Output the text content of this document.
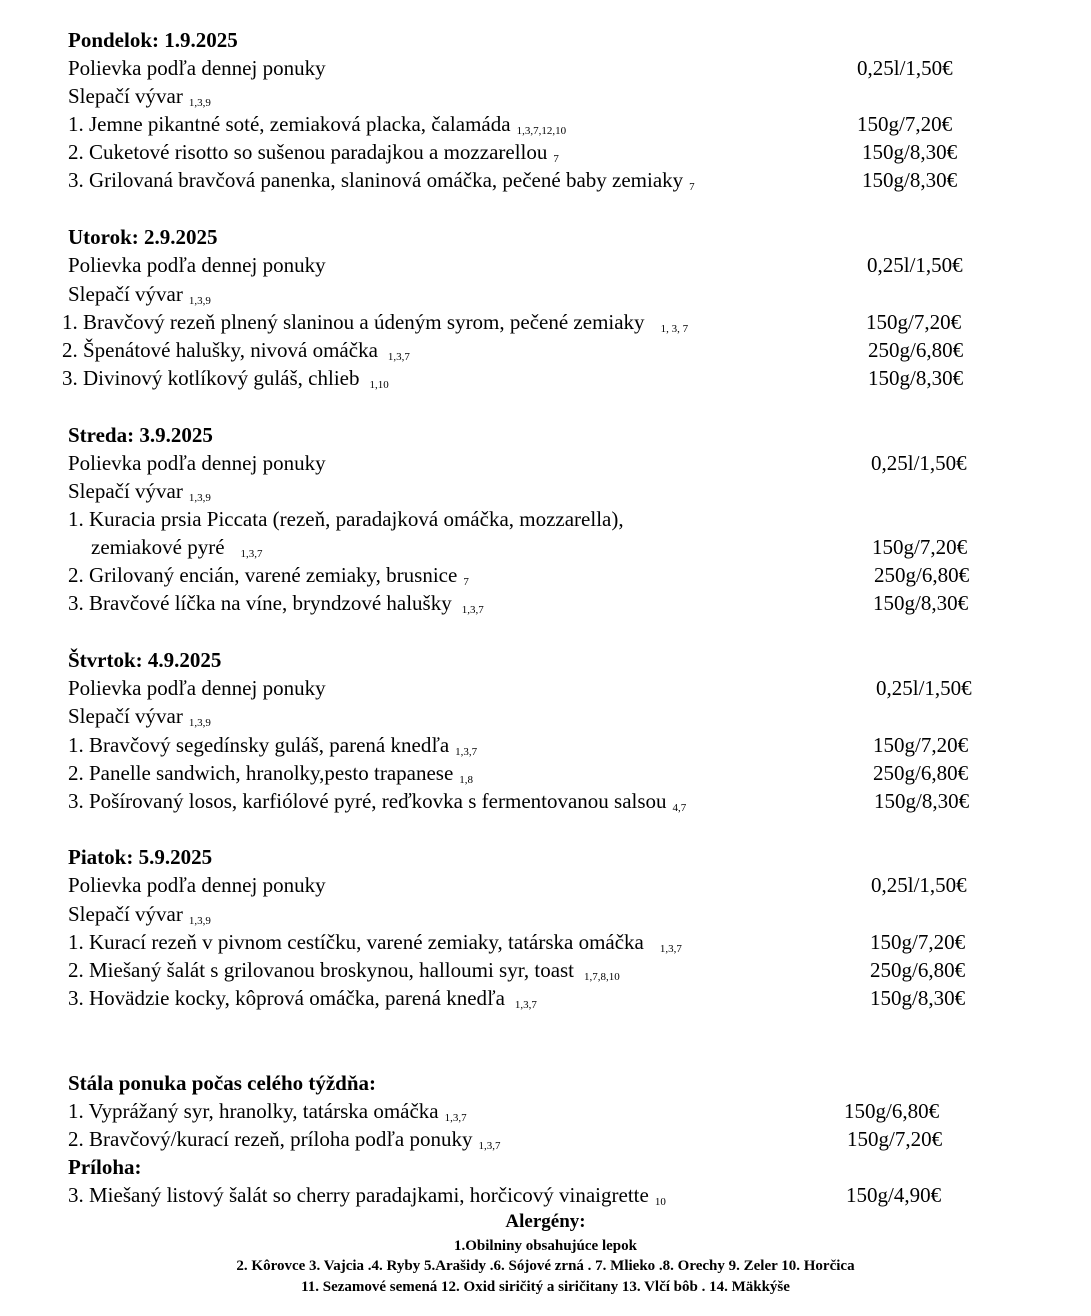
Pondelok: 1.9.2025
Polievka podľa dennej ponuky	0,25l/1,50€
Slepačí vývar 1,3,9
1. Jemne pikantné soté, zemiaková placka, čalamáda 1,3,7,12,10	150g/7,20€
2. Cuketové risotto so sušenou paradajkou a mozzarellou 7	150g/8,30€
3. Grilovaná bravčová panenka, slaninová omáčka, pečené baby zemiaky 7	150g/8,30€
Utorok: 2.9.2025
Polievka podľa dennej ponuky	0,25l/1,50€
Slepačí vývar 1,3,9
1. Bravčový rezeň plnený slaninou a údeným syrom, pečené zemiaky 1, 3, 7	150g/7,20€
2. Špenátové halušky, nivová omáčka 1,3,7	250g/6,80€
3. Divinový kotlíkový guláš, chlieb 1,10	150g/8,30€
Streda: 3.9.2025
Polievka podľa dennej ponuky	0,25l/1,50€
Slepačí vývar 1,3,9
1. Kuracia prsia Piccata (rezeň, paradajková omáčka, mozzarella),
zemiakové pyré 1,3,7	150g/7,20€
2. Grilovaný encián, varené zemiaky, brusnice 7	250g/6,80€
3. Bravčové líčka na víne, bryndzové halušky 1,3,7	150g/8,30€
Štvrtok: 4.9.2025
Polievka podľa dennej ponuky	0,25l/1,50€
Slepačí vývar 1,3,9
1. Bravčový segedínsky guláš, parená knedľa 1,3,7	150g/7,20€
2. Panelle sandwich, hranolky,pesto trapanese 1,8	250g/6,80€
3. Pošírovaný losos, karfiólové pyré, reďkovka s fermentovanou salsou 4,7	150g/8,30€
Piatok: 5.9.2025
Polievka podľa dennej ponuky	0,25l/1,50€
Slepačí vývar 1,3,9
1. Kurací rezeň v pivnom cestíčku, varené zemiaky, tatárska omáčka 1,3,7	150g/7,20€
2. Miešaný šalát s grilovanou broskynou, halloumi syr, toast 1,7,8,10	250g/6,80€
3. Hovädzie kocky, kôprová omáčka, parená knedľa 1,3,7	150g/8,30€
Stála ponuka počas celého týždňa:
1. Vyprážaný syr, hranolky, tatárska omáčka 1,3,7	150g/6,80€
2. Bravčový/kurací rezeň, príloha podľa ponuky 1,3,7	150g/7,20€
Príloha:
3. Miešaný listový šalát so cherry paradajkami, horčicový vinaigrette 10	150g/4,90€
Alergény:
1.Obilniny obsahujúce lepok
2. Kôrovce 3. Vajcia .4. Ryby 5.Arašidy .6. Sójové zrná . 7. Mlieko .8. Orechy 9. Zeler 10. Horčica
11. Sezamové semená 12. Oxid siričitý a siričitany 13. Vlčí bôb . 14. Mäkkýše
